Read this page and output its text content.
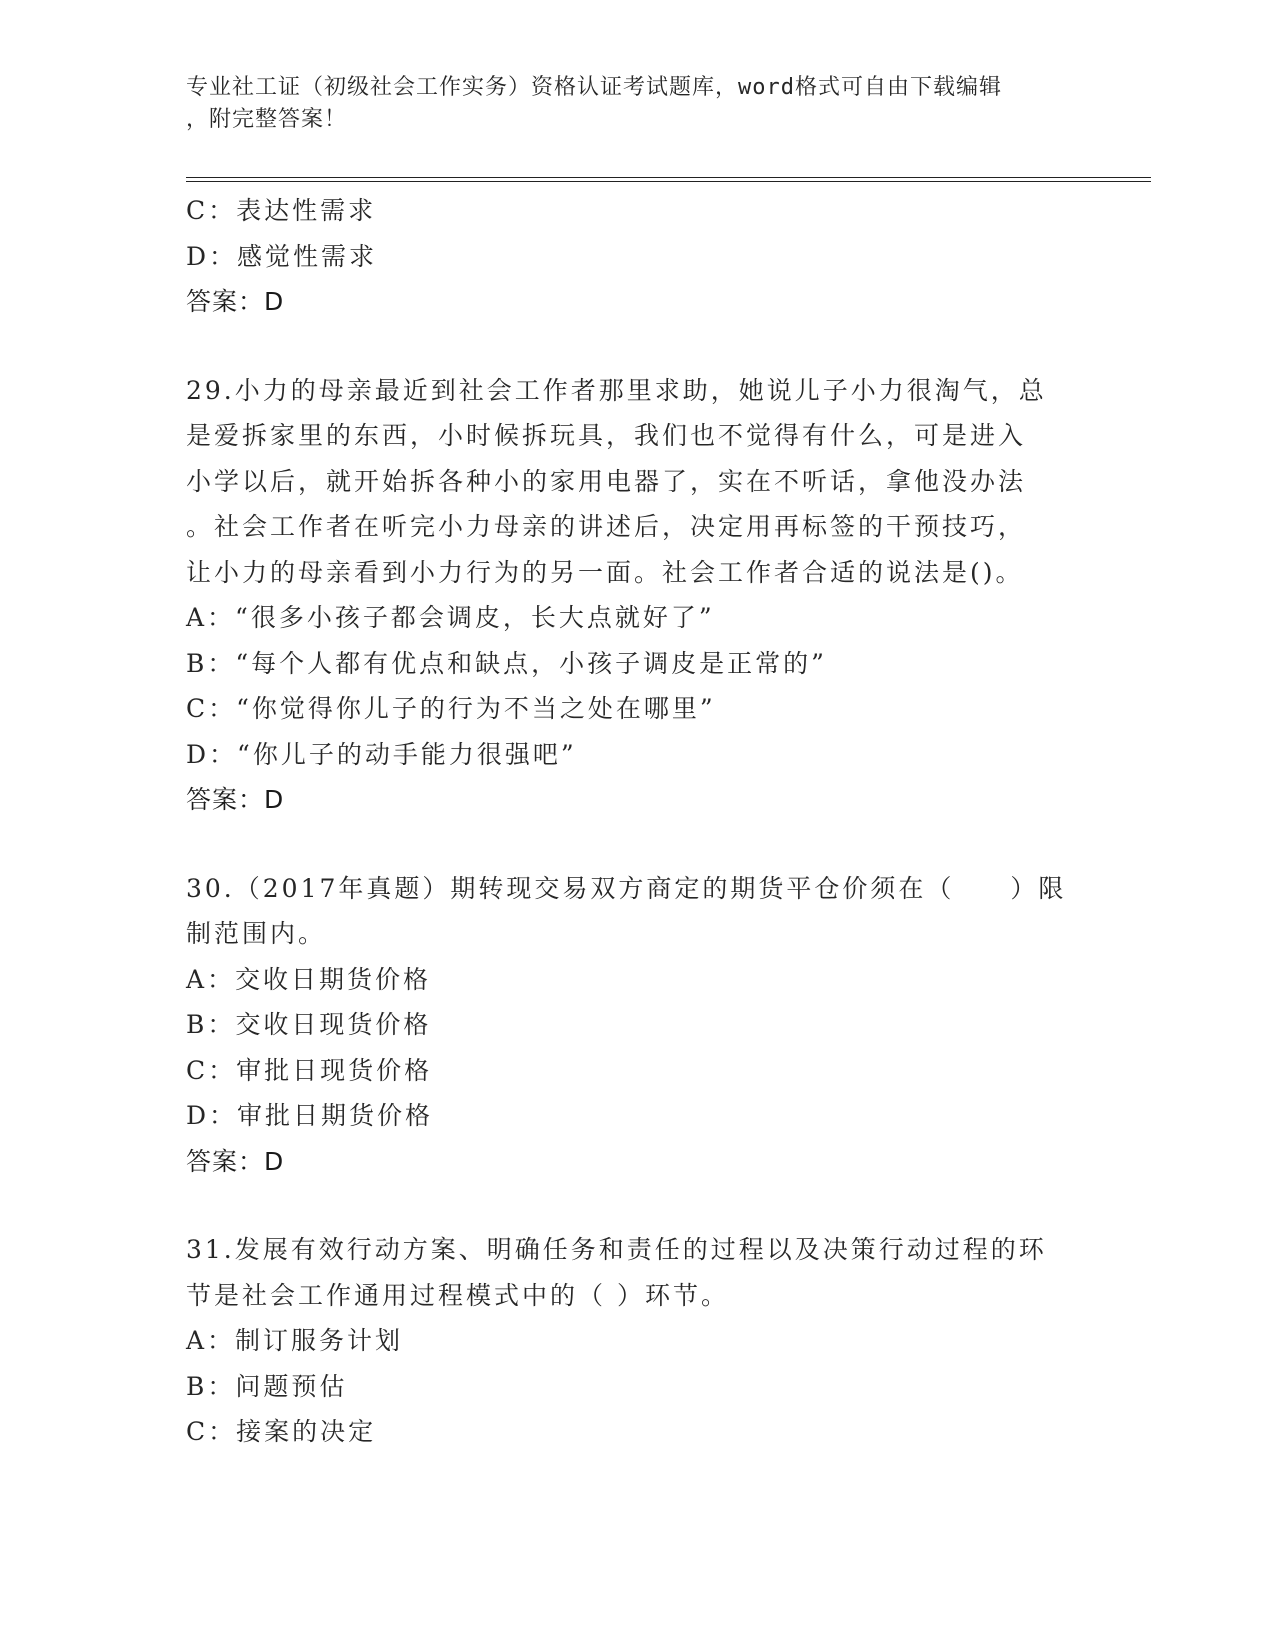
专业社工证（初级社会工作实务）资格认证考试题库，word格式可自由下载编辑
，附完整答案！
C：表达性需求
D：感觉性需求
答案：D
29.小力的母亲最近到社会工作者那里求助，她说儿子小力很淘气，总
是爱拆家里的东西，小时候拆玩具，我们也不觉得有什么，可是进入
小学以后，就开始拆各种小的家用电器了，实在不听话，拿他没办法
。社会工作者在听完小力母亲的讲述后，决定用再标签的干预技巧，
让小力的母亲看到小力行为的另一面。社会工作者合适的说法是()。
A：“很多小孩子都会调皮，长大点就好了”
B：“每个人都有优点和缺点，小孩子调皮是正常的”
C：“你觉得你儿子的行为不当之处在哪里”
D：“你儿子的动手能力很强吧”
答案：D
30.（2017年真题）期转现交易双方商定的期货平仓价须在（　　）限
制范围内。
A：交收日期货价格
B：交收日现货价格
C：审批日现货价格
D：审批日期货价格
答案：D
31.发展有效行动方案、明确任务和责任的过程以及决策行动过程的环
节是社会工作通用过程模式中的（ ）环节。
A：制订服务计划
B：问题预估
C：接案的决定
